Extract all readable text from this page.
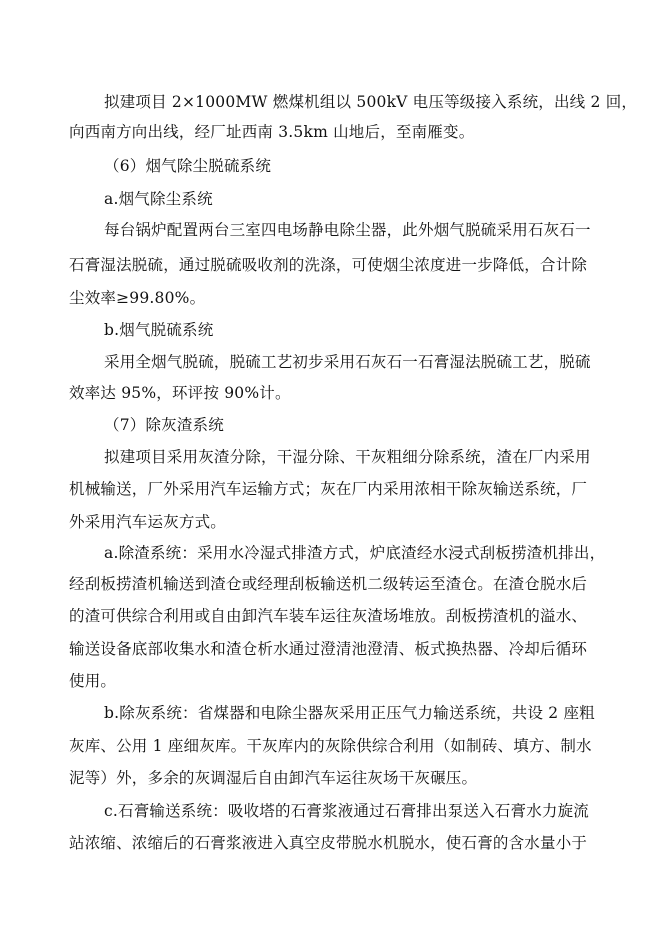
拟建项目 2×1000MW 燃煤机组以 500kV 电压等级接入系统，出线 2 回，
向西南方向出线，经厂址西南 3.5km 山地后，至南雁变。
（6）烟气除尘脱硫系统
a.烟气除尘系统
每台锅炉配置两台三室四电场静电除尘器，此外烟气脱硫采用石灰石一
石膏湿法脱硫，通过脱硫吸收剂的洗涤，可使烟尘浓度进一步降低，合计除
尘效率≥99.80%。
b.烟气脱硫系统
采用全烟气脱硫，脱硫工艺初步采用石灰石一石膏湿法脱硫工艺，脱硫
效率达 95%，环评按 90%计。
（7）除灰渣系统
拟建项目采用灰渣分除，干湿分除、干灰粗细分除系统，渣在厂内采用
机械输送，厂外采用汽车运输方式；灰在厂内采用浓相干除灰输送系统，厂
外采用汽车运灰方式。
a.除渣系统：采用水冷湿式排渣方式，炉底渣经水浸式刮板捞渣机排出，
经刮板捞渣机输送到渣仓或经理刮板输送机二级转运至渣仓。在渣仓脱水后
的渣可供综合利用或自由卸汽车装车运往灰渣场堆放。刮板捞渣机的溢水、
输送设备底部收集水和渣仓析水通过澄清池澄清、板式换热器、冷却后循环
使用。
b.除灰系统：省煤器和电除尘器灰采用正压气力输送系统，共设 2 座粗
灰库、公用 1 座细灰库。干灰库内的灰除供综合利用（如制砖、填方、制水
泥等）外，多余的灰调湿后自由卸汽车运往灰场干灰碾压。
c.石膏输送系统：吸收塔的石膏浆液通过石膏排出泵送入石膏水力旋流
站浓缩、浓缩后的石膏浆液进入真空皮带脱水机脱水，使石膏的含水量小于
